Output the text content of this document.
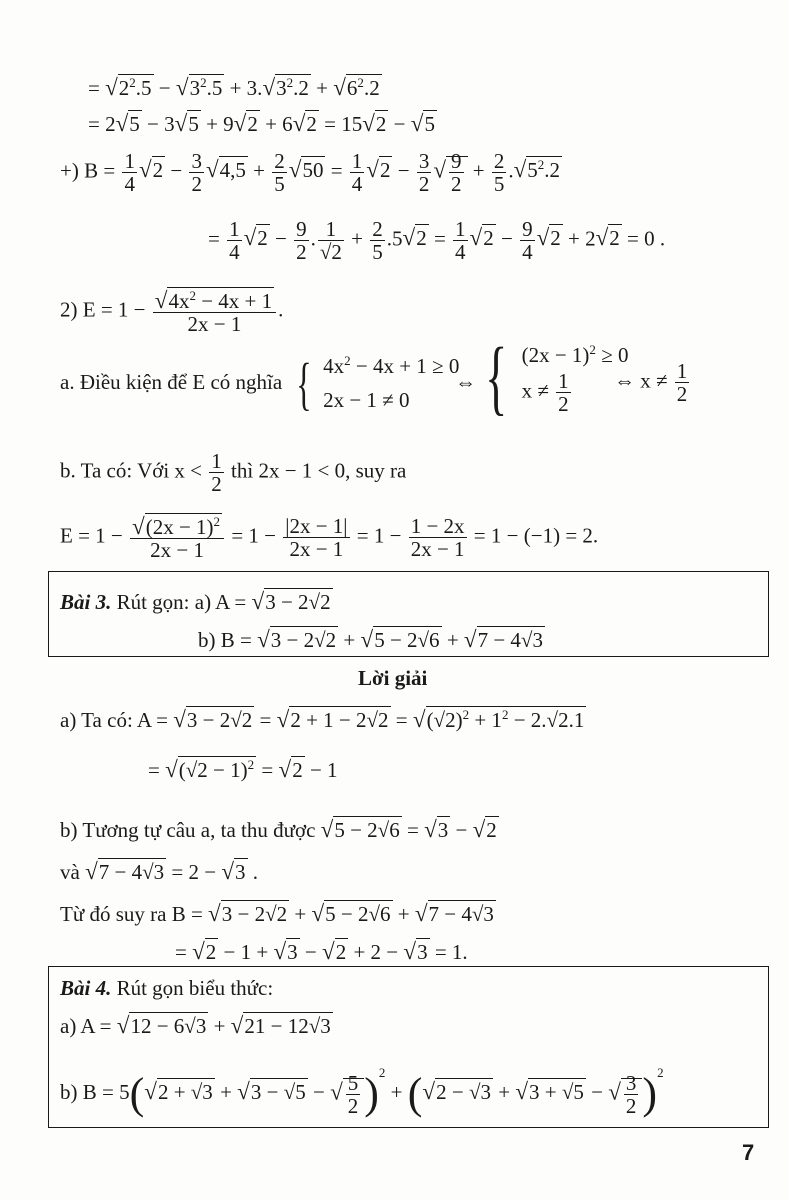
= $√2^2.5 - √3^2.5 + 3.√3^2.2 + √6^2.2$
= 2√5 − 3√5 + 9√2 + 6√2 = 15√2 − √5
+) $B = \frac{1}{4} √2 - \frac{3}{2} √4,5 + \frac{2}{5} √50 = \frac{1}{4} √2 - \frac{3}{2}$ √ $\frac{9}{2} + \frac{2}{5} .√5^2.2$
= $\frac{1}{4} √2 - \frac{9}{2}$ . $\frac{1}{√2} + \frac{2}{5} .5√2 = \frac{1}{4} √2 - \frac{9}{4} √2 + 2√2 = 0$ .
2) $E = 1 - \frac{√4x^2 - 4x + 1}{2x - 1}$ .
a. Điều kiện để E có nghĩa { $4x^2 - 4x + 1 \ge 0$
2x − 1 ≠ 0
⇔ { $(2x - 1)^2 \ge 0$
$x \ne \frac{1}{2}$ ⇔ $x \ne \frac{1}{2}$
b. Ta có: Với $x < \frac{1}{2}$ thì 2x − 1 < 0, suy ra
$E = 1 - \frac{√(2x - 1)^2}{2x - 1} = 1 - \frac{|2x - 1|}{2x - 1} = 1 - \frac{1 - 2x}{2x - 1} = 1 - (-1) = 2$.
Bài 3. Rút gọn: a) A = √3 − 2√2
b) B = √3 − 2√2 + √5 − 2√6 + √7 − 4√3
Lời giải
a) Ta có: $A = √3 - 2√2 = √2 + 1 - 2√2 = √(√2)^2 + 1^2 - 2.√2.1$
= $√(√2 - 1)^2 = √2 - 1$
b) Tương tự câu a, ta thu được √5 − 2√6 = √3 − √2
và √7 − 4√3 = 2 − √3 .
Từ đó suy ra B = √3 − 2√2 + √5 − 2√6 + √7 − 4√3
= √2 − 1 + √3 − √2 + 2 − √3 = 1.
Bài 4. Rút gọn biểu thức:
a) A = √12 − 6√3 + √21 − 12√3
b) B = 5(√2 + √3 + √3 − √5 − √ $\frac{5}{2} )^2 + (√2 - √3 + √3 + √5$ − √ $\frac{3}{2} )^2$
7
